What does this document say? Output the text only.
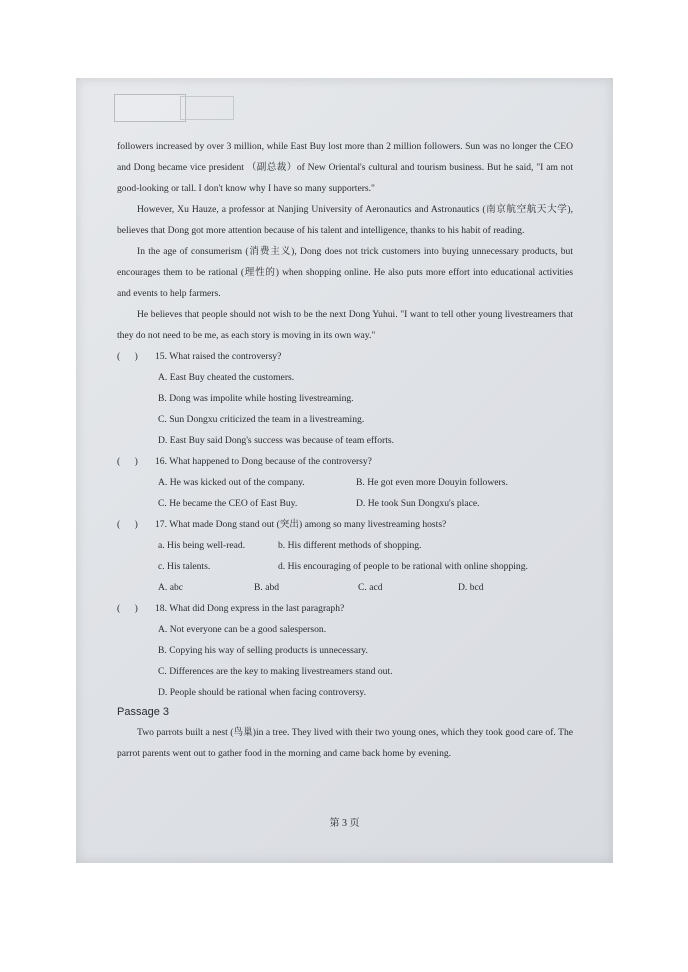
followers increased by over 3 million, while East Buy lost more than 2 million followers. Sun was no longer the CEO and Dong became vice president （副总裁）of New Oriental's cultural and tourism business. But he said, "I am not good-looking or tall. I don't know why I have so many supporters."

However, Xu Hauze, a professor at Nanjing University of Aeronautics and Astronautics (南京航空航天大学), believes that Dong got more attention because of his talent and intelligence, thanks to his habit of reading.

In the age of consumerism (消费主义), Dong does not trick customers into buying unnecessary products, but encourages them to be rational (理性的) when shopping online. He also puts more effort into educational activities and events to help farmers.

He believes that people should not wish to be the next Dong Yuhui. "I want to tell other young livestreamers that they do not need to be me, as each story is moving in its own way."

(      )	15. What raised the controversy?

A. East Buy cheated the customers.

B. Dong was impolite while hosting livestreaming.

C. Sun Dongxu criticized the team in a livestreaming.

D. East Buy said Dong's success was because of team efforts.

(      )	16. What happened to Dong because of the controversy?

A. He was kicked out of the company.	B. He got even more Douyin followers.
C. He became the CEO of East Buy.	D. He took Sun Dongxu's place.

(      )	17. What made Dong stand out (突出) among so many livestreaming hosts?

a. His being well-read.	b. His different methods of shopping.
c. His talents.	d. His encouraging of people to be rational with online shopping.
A. abc	B. abd	C. acd	D. bcd

(      )	18. What did Dong express in the last paragraph?

A. Not everyone can be a good salesperson.

B. Copying his way of selling products is unnecessary.

C. Differences are the key to making livestreamers stand out.

D. People should be rational when facing controversy.

Passage 3

Two parrots built a nest (鸟巢)in a tree. They lived with their two young ones, which they took good care of. The parrot parents went out to gather food in the morning and came back home by evening.

第 3 页
